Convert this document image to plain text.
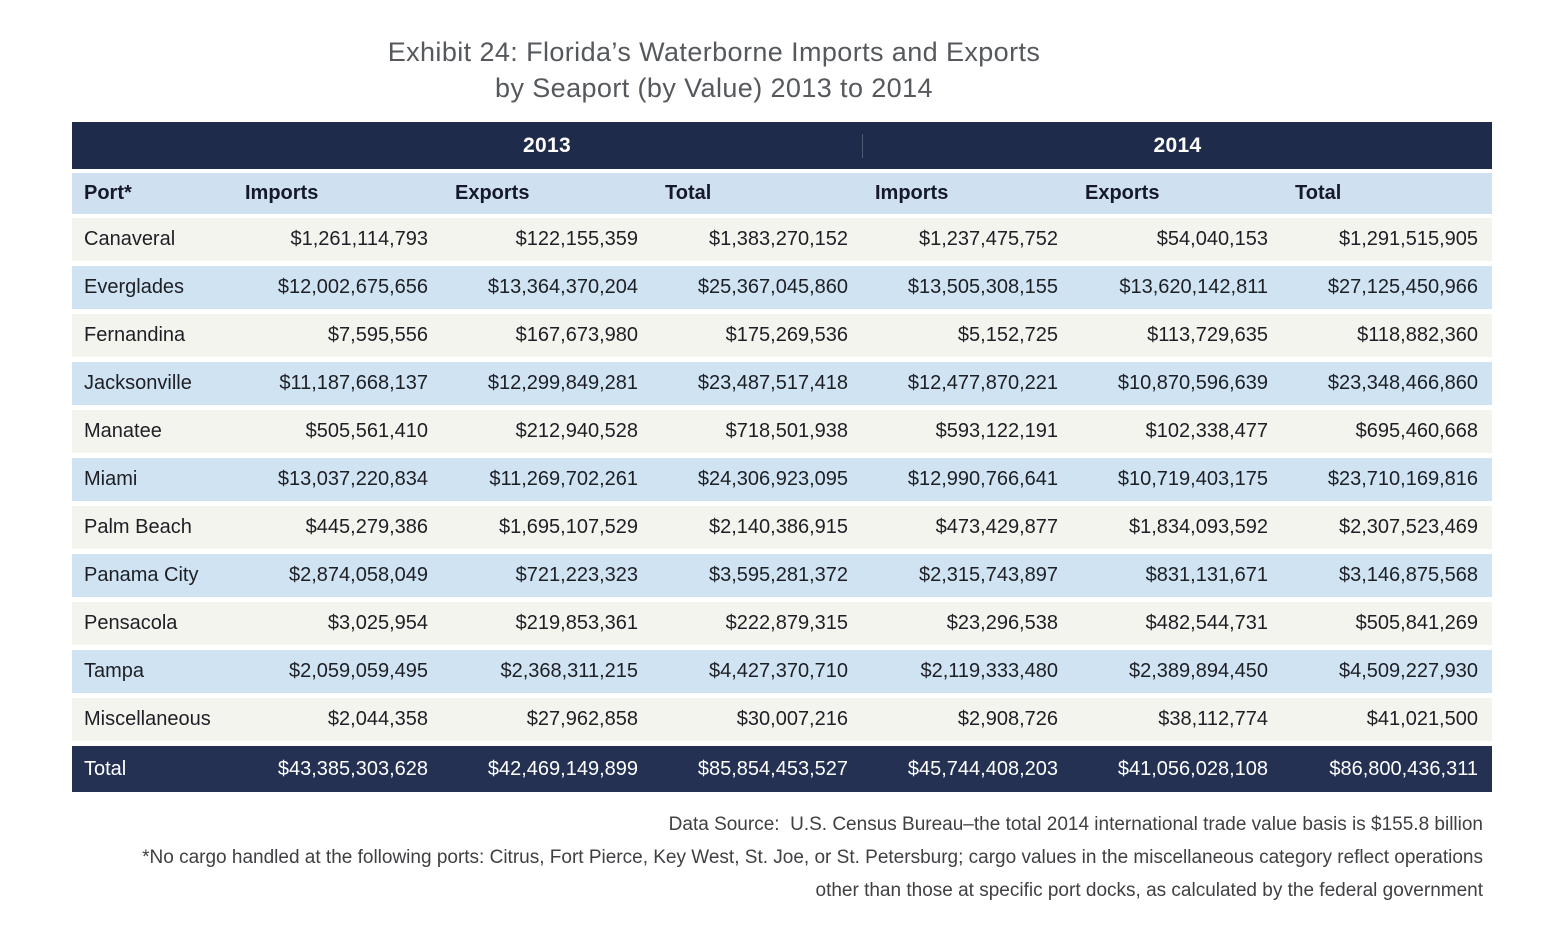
Exhibit 24: Florida’s Waterborne Imports and Exports
by Seaport (by Value) 2013 to 2014
2013	2014
Port*	Imports	Exports	Total	Imports	Exports	Total
Canaveral	$1,261,114,793	$122,155,359	$1,383,270,152	$1,237,475,752	$54,040,153	$1,291,515,905
Everglades	$12,002,675,656	$13,364,370,204	$25,367,045,860	$13,505,308,155	$13,620,142,811	$27,125,450,966
Fernandina	$7,595,556	$167,673,980	$175,269,536	$5,152,725	$113,729,635	$118,882,360
Jacksonville	$11,187,668,137	$12,299,849,281	$23,487,517,418	$12,477,870,221	$10,870,596,639	$23,348,466,860
Manatee	$505,561,410	$212,940,528	$718,501,938	$593,122,191	$102,338,477	$695,460,668
Miami	$13,037,220,834	$11,269,702,261	$24,306,923,095	$12,990,766,641	$10,719,403,175	$23,710,169,816
Palm Beach	$445,279,386	$1,695,107,529	$2,140,386,915	$473,429,877	$1,834,093,592	$2,307,523,469
Panama City	$2,874,058,049	$721,223,323	$3,595,281,372	$2,315,743,897	$831,131,671	$3,146,875,568
Pensacola	$3,025,954	$219,853,361	$222,879,315	$23,296,538	$482,544,731	$505,841,269
Tampa	$2,059,059,495	$2,368,311,215	$4,427,370,710	$2,119,333,480	$2,389,894,450	$4,509,227,930
Miscellaneous	$2,044,358	$27,962,858	$30,007,216	$2,908,726	$38,112,774	$41,021,500
Total	$43,385,303,628	$42,469,149,899	$85,854,453,527	$45,744,408,203	$41,056,028,108	$86,800,436,311
Data Source:  U.S. Census Bureau–the total 2014 international trade value basis is $155.8 billion
*No cargo handled at the following ports: Citrus, Fort Pierce, Key West, St. Joe, or St. Petersburg; cargo values in the miscellaneous category reflect operations
other than those at specific port docks, as calculated by the federal government
